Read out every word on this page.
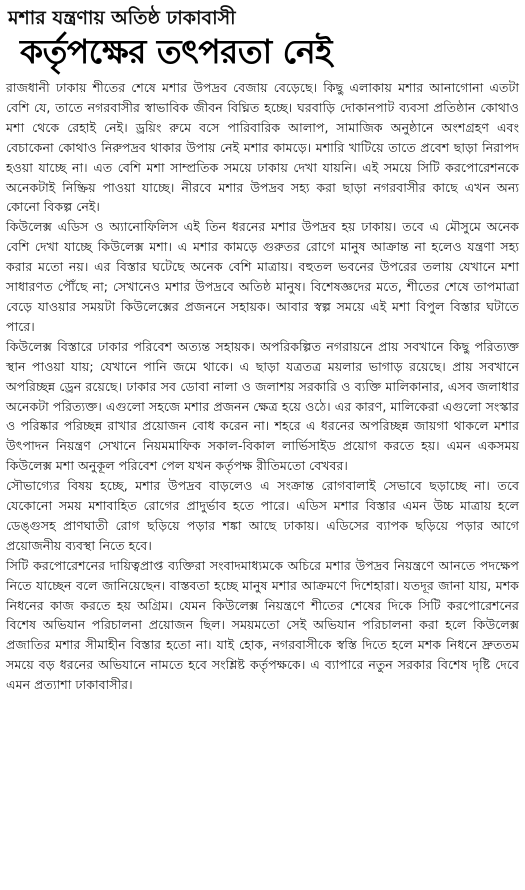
মশার যন্ত্রণায় অতিষ্ঠ ঢাকাবাসী
কর্তৃপক্ষের তৎপরতা নেই

রাজধানী ঢাকায় শীতের শেষে মশার উপদ্রব বেজায় বেড়েছে। কিছু এলাকায় মশার আনাগোনা এতটা বেশি যে, তাতে নগরবাসীর স্বাভাবিক জীবন বিঘ্নিত হচ্ছে। ঘরবাড়ি দোকানপাট ব্যবসা প্রতিষ্ঠান কোথাও মশা থেকে রেহাই নেই। ড্রয়িং রুমে বসে পারিবারিক আলাপ, সামাজিক অনুষ্ঠানে অংশগ্রহণ এবং বেচাকেনা কোথাও নিরুপদ্রব থাকার উপায় নেই মশার কামড়ে। মশারি খাটিয়ে তাতে প্রবেশ ছাড়া নিরাপদ হওয়া যাচ্ছে না। এত বেশি মশা সাম্প্রতিক সময়ে ঢাকায় দেখা যায়নি। এই সময়ে সিটি করপোরেশনকে অনেকটাই নিষ্ক্রিয় পাওয়া যাচ্ছে। নীরবে মশার উপদ্রব সহ্য করা ছাড়া নগরবাসীর কাছে এখন অন্য কোনো বিকল্প নেই।

কিউলেক্স এডিস ও অ্যানোফিলিস এই তিন ধরনের মশার উপদ্রব হয় ঢাকায়। তবে এ মৌসুমে অনেক বেশি দেখা যাচ্ছে কিউলেক্স মশা। এ মশার কামড়ে গুরুতর রোগে মানুষ আক্রান্ত না হলেও যন্ত্রণা সহ্য করার মতো নয়। এর বিস্তার ঘটেছে অনেক বেশি মাত্রায়। বহুতল ভবনের উপরের তলায় যেখানে মশা সাধারণত পৌঁছে না; সেখানেও মশার উপদ্রবে অতিষ্ঠ মানুষ। বিশেষজ্ঞদের মতে, শীতের শেষে তাপমাত্রা বেড়ে যাওয়ার সময়টা কিউলেক্সের প্রজননে সহায়ক। আবার স্বল্প সময়ে এই মশা বিপুল বিস্তার ঘটাতে পারে।

কিউলেক্স বিস্তারে ঢাকার পরিবেশ অত্যন্ত সহায়ক। অপরিকল্পিত নগরায়নে প্রায় সবখানে কিছু পরিত্যক্ত স্থান পাওয়া যায়; যেখানে পানি জমে থাকে। এ ছাড়া যত্রতত্র ময়লার ভাগাড় রয়েছে। প্রায় সবখানে অপরিচ্ছন্ন ড্রেন রয়েছে। ঢাকার সব ডোবা নালা ও জলাশয় সরকারি ও ব্যক্তি মালিকানার, এসব জলাধার অনেকটা পরিত্যক্ত। এগুলো সহজে মশার প্রজনন ক্ষেত্র হয়ে ওঠে। এর কারণ, মালিকেরা এগুলো সংস্কার ও পরিষ্কার পরিচ্ছন্ন রাখার প্রয়োজন বোধ করেন না। শহরে এ ধরনের অপরিচ্ছন্ন জায়গা থাকলে মশার উৎপাদন নিয়ন্ত্রণ সেখানে নিয়মমাফিক সকাল-বিকাল লার্ভিসাইড প্রয়োগ করতে হয়। এমন একসময় কিউলেক্স মশা অনুকূল পরিবেশ পেল যখন কর্তৃপক্ষ রীতিমতো বেখবর।

সৌভাগ্যের বিষয় হচ্ছে, মশার উপদ্রব বাড়লেও এ সংক্রান্ত রোগবালাই সেভাবে ছড়াচ্ছে না। তবে যেকোনো সময় মশাবাহিত রোগের প্রাদুর্ভাব হতে পারে। এডিস মশার বিস্তার এমন উচ্চ মাত্রায় হলে ডেঙ্গুসহ প্রাণঘাতী রোগ ছড়িয়ে পড়ার শঙ্কা আছে ঢাকায়। এডিসের ব্যাপক ছড়িয়ে পড়ার আগে প্রয়োজনীয় ব্যবস্থা নিতে হবে।

সিটি করপোরেশনের দায়িত্বপ্রাপ্ত ব্যক্তিরা সংবাদমাধ্যমকে অচিরে মশার উপদ্রব নিয়ন্ত্রণে আনতে পদক্ষেপ নিতে যাচ্ছেন বলে জানিয়েছেন। বাস্তবতা হচ্ছে মানুষ মশার আক্রমণে দিশেহারা। যতদূর জানা যায়, মশক নিধনের কাজ করতে হয় অগ্রিম। যেমন কিউলেক্স নিয়ন্ত্রণে শীতের শেষের দিকে সিটি করপোরেশনের বিশেষ অভিযান পরিচালনা প্রয়োজন ছিল। সময়মতো সেই অভিযান পরিচালনা করা হলে কিউলেক্স প্রজাতির মশার সীমাহীন বিস্তার হতো না। যাই হোক, নগরবাসীকে স্বস্তি দিতে হলে মশক নিধনে দ্রুততম সময়ে বড় ধরনের অভিযানে নামতে হবে সংশ্লিষ্ট কর্তৃপক্ষকে। এ ব্যাপারে নতুন সরকার বিশেষ দৃষ্টি দেবে এমন প্রত্যাশা ঢাকাবাসীর।
